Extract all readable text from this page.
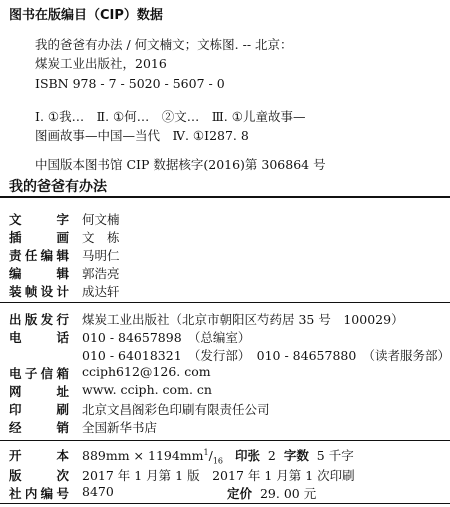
图书在版编目（CIP）数据
我的爸爸有办法 / 何文楠文；文栋图. -- 北京：
煤炭工业出版社，2016
ISBN 978 - 7 - 5020 - 5607 - 0
Ⅰ. ①我…　Ⅱ. ①何…　②文…　Ⅲ. ①儿童故事—
图画故事—中国—当代　Ⅳ. ①I287. 8
中国版本图书馆 CIP 数据核字(2016)第 306864 号
我的爸爸有办法
文　字 何文楠
插　画 文　栋
责任编辑 马明仁
编　辑 郭浩亮
装帧设计 成达轩
出版发行 煤炭工业出版社（北京市朝阳区芍药居 35 号　100029）
电　话 010 - 84657898　（总编室）
010 - 64018321　（发行部）　010 - 84657880　（读者服务部）
电子信箱 cciph612@126. com
网　址 www. cciph. com. cn
印　刷 北京文昌阁彩色印刷有限责任公司
经　销 全国新华书店
开　本 $889mm \times 1194mm^1/_{16}$ 印张 2 字数 5 千字
版　次 2017 年 1 月第 1 版　2017 年 1 月第 1 次印刷
社内编号 8470	定价 29. 00 元
